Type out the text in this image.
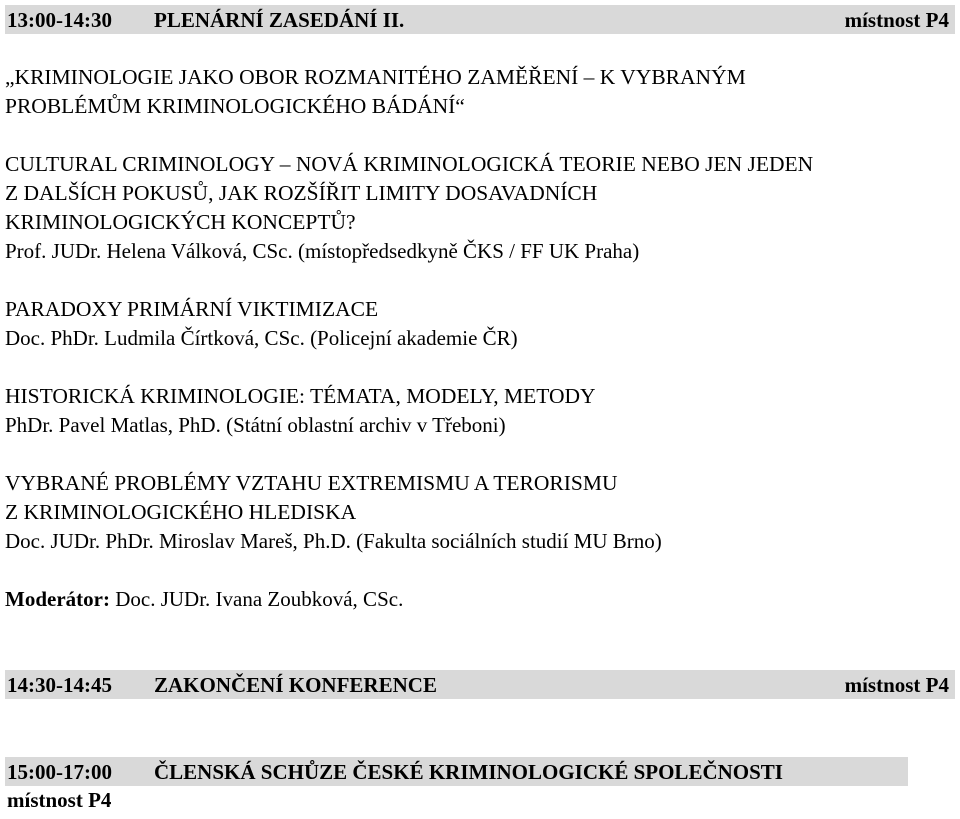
13:00-14:30 PLENÁRNÍ ZASEDÁNÍ II.	místnost P4
„KRIMINOLOGIE JAKO OBOR ROZMANITÉHO ZAMĚŘENÍ – K VYBRANÝM
PROBLÉMŮM KRIMINOLOGICKÉHO BÁDÁNÍ“
CULTURAL CRIMINOLOGY – NOVÁ KRIMINOLOGICKÁ TEORIE NEBO JEN JEDEN
Z DALŠÍCH POKUSŮ, JAK ROZŠÍŘIT LIMITY DOSAVADNÍCH
KRIMINOLOGICKÝCH KONCEPTŮ?
Prof. JUDr. Helena Válková, CSc. (místopředsedkyně ČKS / FF UK Praha)
PARADOXY PRIMÁRNÍ VIKTIMIZACE
Doc. PhDr. Ludmila Čírtková, CSc. (Policejní akademie ČR)
HISTORICKÁ KRIMINOLOGIE: TÉMATA, MODELY, METODY
PhDr. Pavel Matlas, PhD. (Státní oblastní archiv v Třeboni)
VYBRANÉ PROBLÉMY VZTAHU EXTREMISMU A TERORISMU
Z KRIMINOLOGICKÉHO HLEDISKA
Doc. JUDr. PhDr. Miroslav Mareš, Ph.D. (Fakulta sociálních studií MU Brno)
Moderátor: Doc. JUDr. Ivana Zoubková, CSc.
14:30-14:45 ZAKONČENÍ KONFERENCE	místnost P4
15:00-17:00 ČLENSKÁ SCHŮZE ČESKÉ KRIMINOLOGICKÉ SPOLEČNOSTI
místnost P4
